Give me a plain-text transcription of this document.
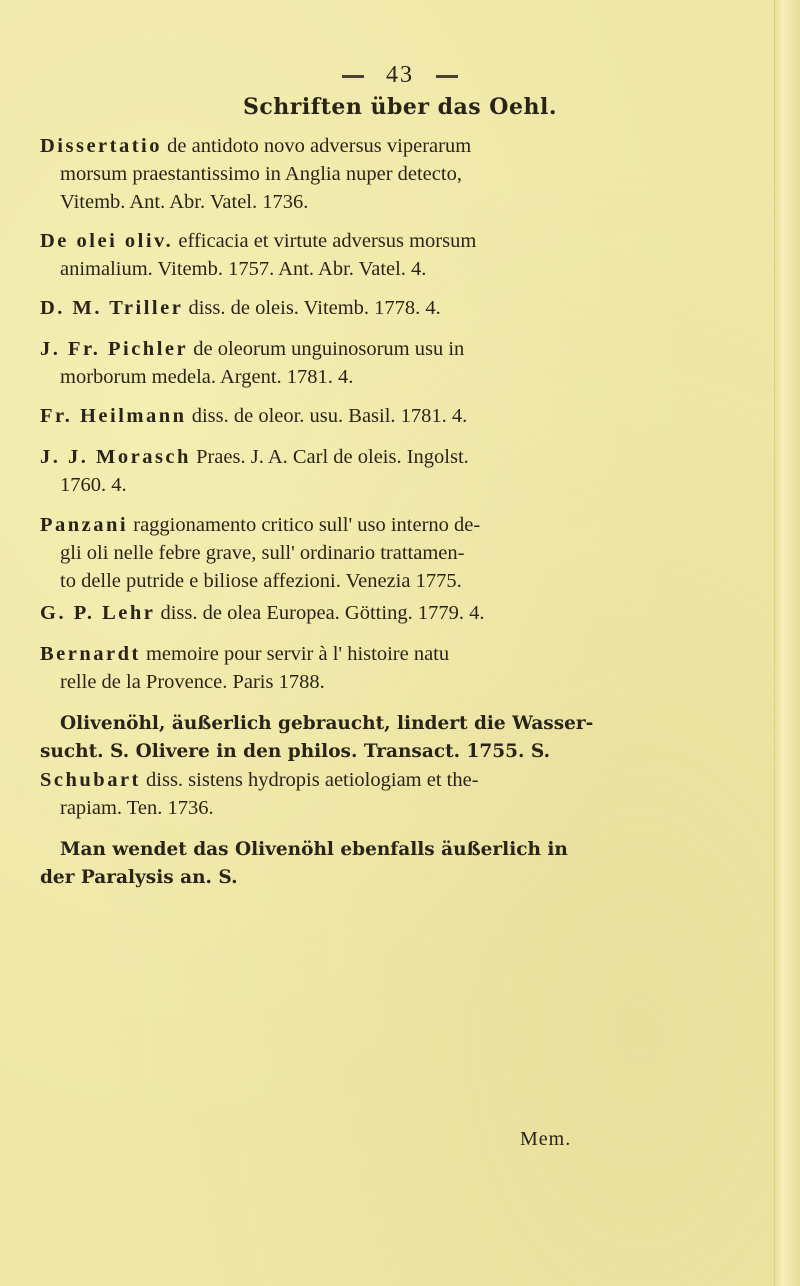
43
Schriften über das Oehl.
Dissertatio de antidoto novo adversus viperarum
morsum praestantissimo in Anglia nuper detecto,
Vitemb. Ant. Abr. Vatel. 1736.
De olei oliv. efficacia et virtute adversus morsum
animalium. Vitemb. 1757. Ant. Abr. Vatel. 4.
D. M. Triller diss. de oleis. Vitemb. 1778. 4.
J. Fr. Pichler de oleorum unguinosorum usu in
morborum medela. Argent. 1781. 4.
Fr. Heilmann diss. de oleor. usu. Basil. 1781. 4.
J. J. Morasch Praes. J. A. Carl de oleis. Ingolst.
1760. 4.
Panzani raggionamento critico sull' uso interno de-
gli oli nelle febre grave, sull' ordinario trattamen-
to delle putride e biliose affezioni. Venezia 1775.
G. P. Lehr diss. de olea Europea. Götting. 1779. 4.
Bernardt memoire pour servir à l' histoire natu
relle de la Provence. Paris 1788.
Olivenöhl, äußerlich gebraucht, lindert die Wasser-
sucht. S. Olivere in den philos. Transact. 1755. S.
Schubart diss. sistens hydropis aetiologiam et the-
rapiam. Ten. 1736.
Man wendet das Olivenöhl ebenfalls äußerlich in
der Paralysis an. S.
Mem.
